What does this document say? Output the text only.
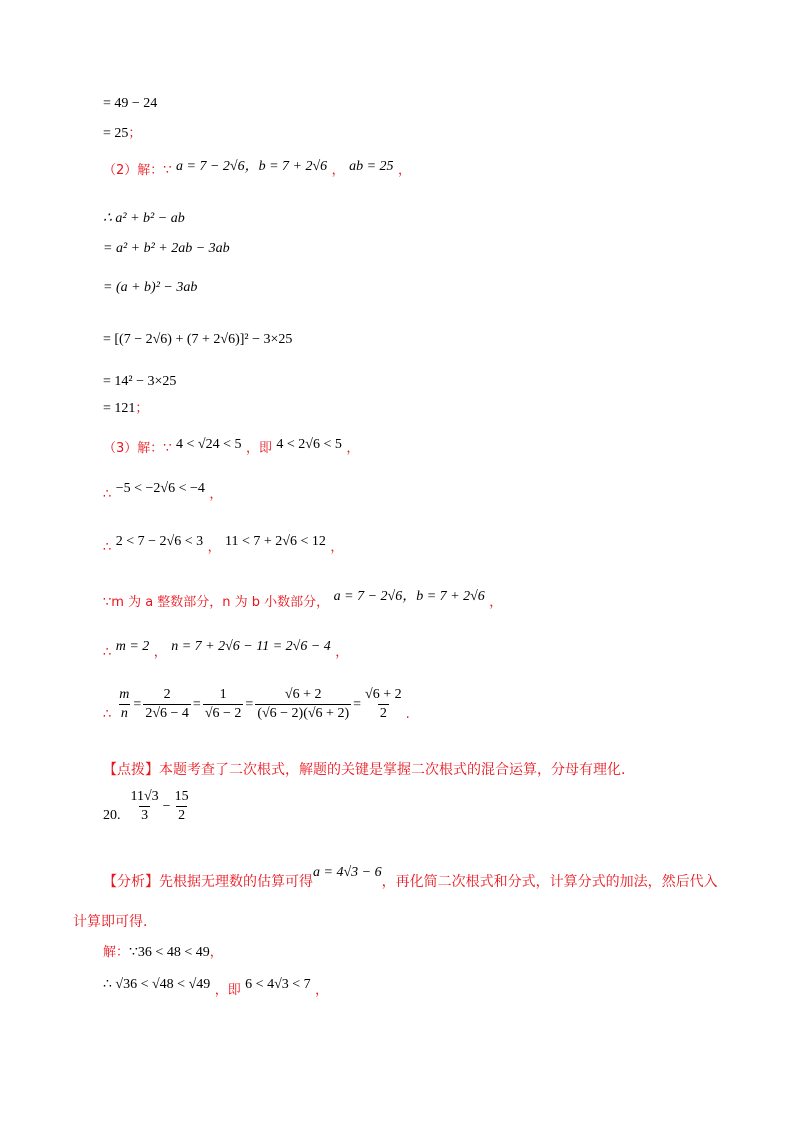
= 49 − 24
= 25；
（2）解：∵ a = 7 − 2√6，b = 7 + 2√6 ， ab = 25 ，
∴ a² + b² − ab
= a² + b² + 2ab − 3ab
= (a + b)² − 3ab
= [(7 − 2√6) + (7 + 2√6)]² − 3×25
= 14² − 3×25
= 121；
（3）解：∵ 4 < √24 < 5 ，即 4 < 2√6 < 5 ，
∴ −5 < −2√6 < −4 ，
∴ 2 < 7 − 2√6 < 3 ， 11 < 7 + 2√6 < 12 ，
∵m 为 a 整数部分，n 为 b 小数部分， a = 7 − 2√6，b = 7 + 2√6 ，
∴ m = 2 ， n = 7 + 2√6 − 11 = 2√6 − 4 ，
∴ $\frac{m}{n} = \frac{2}{2√6 - 4} = \frac{1}{√6 - 2} = \frac{√6 + 2}{(√6 - 2)(√6 + 2)} = \frac{√6 + 2}{2}$ .
【点拨】本题考查了二次根式，解题的关键是掌握二次根式的混合运算，分母有理化.
20. $\frac{11√3}{3} - \frac{15}{2}$
【分析】先根据无理数的估算可得a = 4√3 − 6，再化简二次根式和分式，计算分式的加法，然后代入
计算即可得.
解：∵36 < 48 < 49，
∴ √36 < √48 < √49 ，即 6 < 4√3 < 7 ，
